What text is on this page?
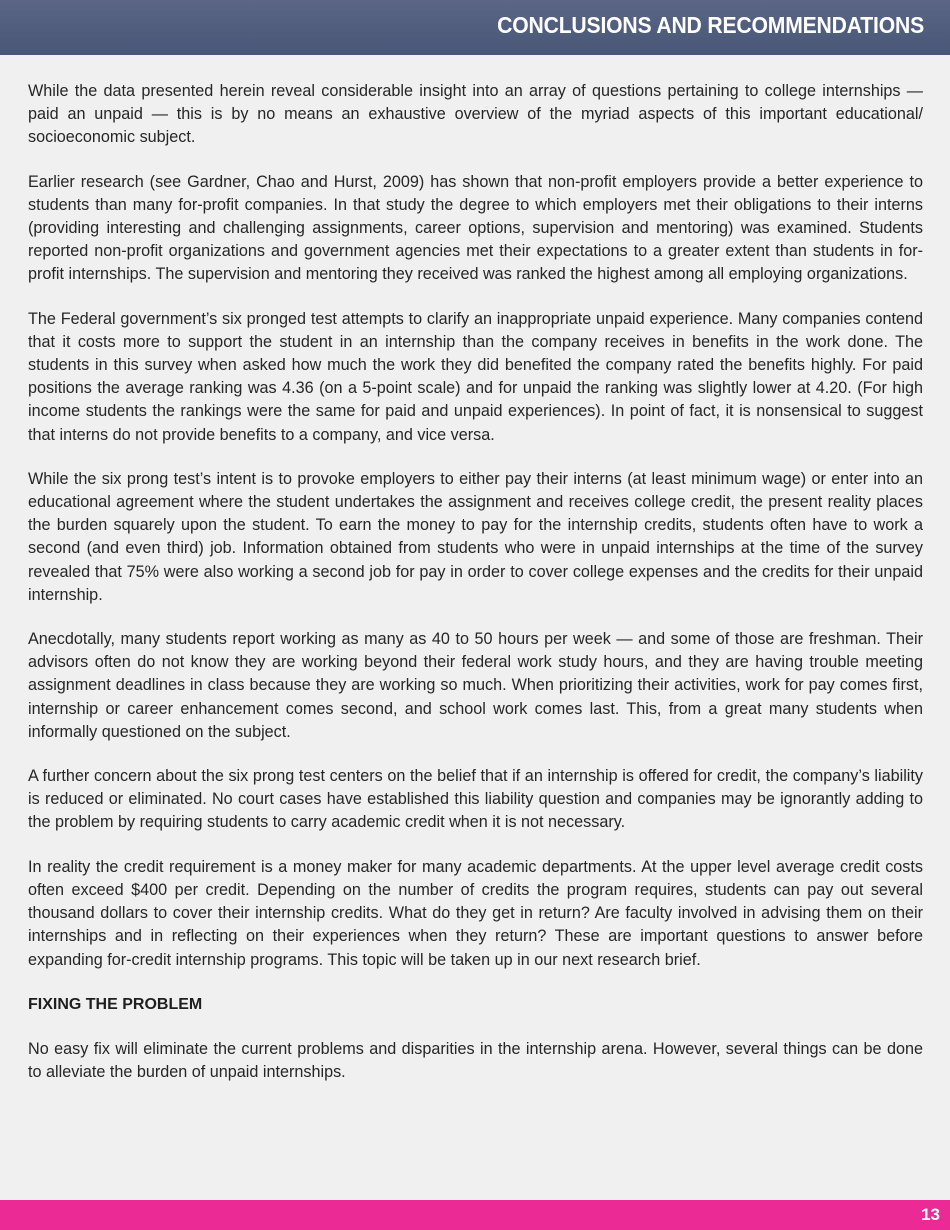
CONCLUSIONS AND RECOMMENDATIONS

While the data presented herein reveal considerable insight into an array of questions pertaining to college internships — paid an unpaid — this is by no means an exhaustive overview of the myriad aspects of this important educational/ socioeconomic subject.

Earlier research (see Gardner, Chao and Hurst, 2009) has shown that non-profit employers provide a better experience to students than many for-profit companies. In that study the degree to which employers met their obligations to their interns (providing interesting and challenging assignments, career options, supervision and mentoring) was examined. Students reported non-profit organizations and government agencies met their expectations to a greater extent than students in for-profit internships. The supervision and mentoring they received was ranked the highest among all employing organizations.

The Federal government’s six pronged test attempts to clarify an inappropriate unpaid experience. Many companies contend that it costs more to support the student in an internship than the company receives in benefits in the work done. The students in this survey when asked how much the work they did benefited the company rated the benefits highly. For paid positions the average ranking was 4.36 (on a 5-point scale) and for unpaid the ranking was slightly lower at 4.20. (For high income students the rankings were the same for paid and unpaid experiences). In point of fact, it is nonsensical to suggest that interns do not provide benefits to a company, and vice versa.

While the six prong test’s intent is to provoke employers to either pay their interns (at least minimum wage) or enter into an educational agreement where the student undertakes the assignment and receives college credit, the present reality places the burden squarely upon the student. To earn the money to pay for the internship credits, students often have to work a second (and even third) job. Information obtained from students who were in unpaid internships at the time of the survey revealed that 75% were also working a second job for pay in order to cover college expenses and the credits for their unpaid internship.

Anecdotally, many students report working as many as 40 to 50 hours per week — and some of those are freshman. Their advisors often do not know they are working beyond their federal work study hours, and they are having trouble meeting assignment deadlines in class because they are working so much. When prioritizing their activities, work for pay comes first, internship or career enhancement comes second, and school work comes last. This, from a great many students when informally questioned on the subject.

A further concern about the six prong test centers on the belief that if an internship is offered for credit, the company’s liability is reduced or eliminated. No court cases have established this liability question and companies may be ignorantly adding to the problem by requiring students to carry academic credit when it is not necessary.

In reality the credit requirement is a money maker for many academic departments. At the upper level average credit costs often exceed $400 per credit. Depending on the number of credits the program requires, students can pay out several thousand dollars to cover their internship credits. What do they get in return? Are faculty involved in advising them on their internships and in reflecting on their experiences when they return? These are important questions to answer before expanding for-credit internship programs. This topic will be taken up in our next research brief.

FIXING THE PROBLEM

No easy fix will eliminate the current problems and disparities in the internship arena. However, several things can be done to alleviate the burden of unpaid internships.

13
